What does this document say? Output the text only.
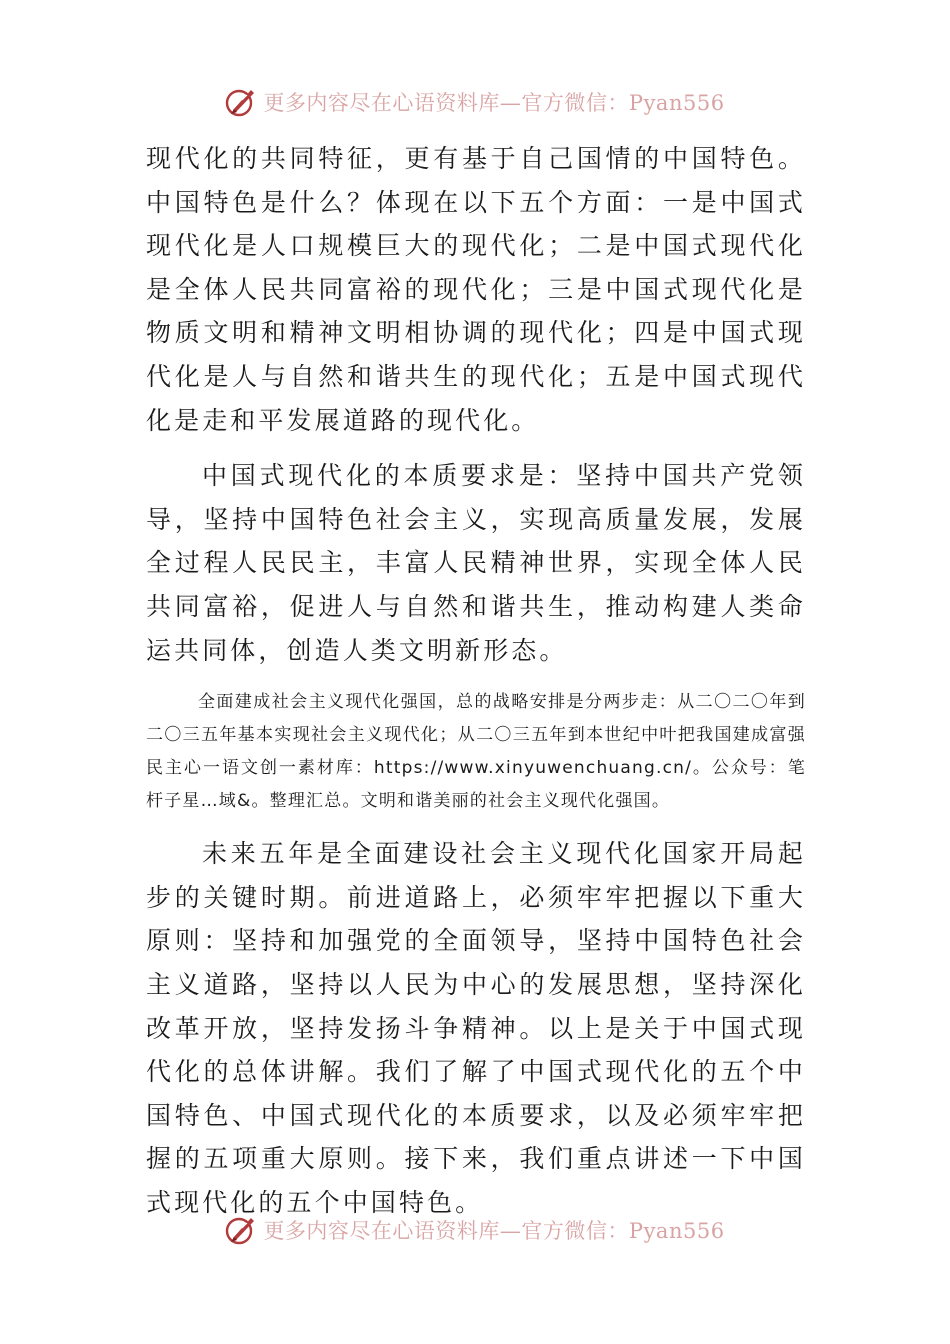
更多内容尽在心语资料库—官方微信：Pyan556

现代化的共同特征，更有基于自己国情的中国特色。中国特色是什么？体现在以下五个方面：一是中国式现代化是人口规模巨大的现代化；二是中国式现代化是全体人民共同富裕的现代化；三是中国式现代化是物质文明和精神文明相协调的现代化；四是中国式现代化是人与自然和谐共生的现代化；五是中国式现代化是走和平发展道路的现代化。

中国式现代化的本质要求是：坚持中国共产党领导，坚持中国特色社会主义，实现高质量发展，发展全过程人民民主，丰富人民精神世界，实现全体人民共同富裕，促进人与自然和谐共生，推动构建人类命运共同体，创造人类文明新形态。

全面建成社会主义现代化强国，总的战略安排是分两步走：从二〇二〇年到二〇三五年基本实现社会主义现代化；从二〇三五年到本世纪中叶把我国建成富强民主心一语文创一素材库：https://www.xinyuwenchuang.cn/。公众号：笔杆子星…域&。整理汇总。文明和谐美丽的社会主义现代化强国。

未来五年是全面建设社会主义现代化国家开局起步的关键时期。前进道路上，必须牢牢把握以下重大原则：坚持和加强党的全面领导，坚持中国特色社会主义道路，坚持以人民为中心的发展思想，坚持深化改革开放，坚持发扬斗争精神。以上是关于中国式现代化的总体讲解。我们了解了中国式现代化的五个中国特色、中国式现代化的本质要求，以及必须牢牢把握的五项重大原则。接下来，我们重点讲述一下中国式现代化的五个中国特色。

更多内容尽在心语资料库—官方微信：Pyan556
